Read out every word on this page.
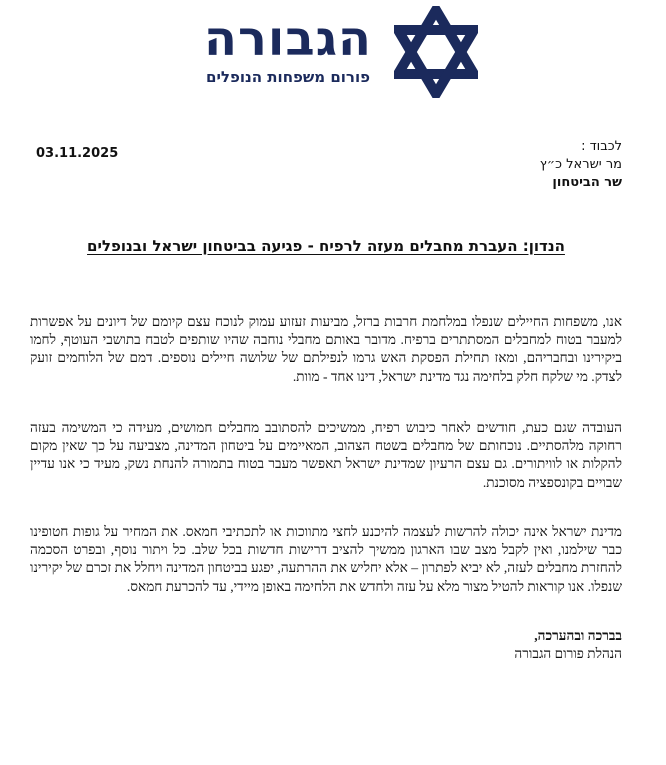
הגבורה
פורום משפחות הנופלים
03.11.2025	לכבוד :
מר ישראל כ״ץ
שר הביטחון
הנדון: העברת מחבלים מעזה לרפיח - פגיעה בביטחון ישראל ובנופלים
אנו, משפחות החיילים שנפלו במלחמת חרבות ברזל, מביעות זעזוע עמוק לנוכח עצם קיומם של דיונים על אפשרות למעבר בטוח למחבלים המסתתרים ברפיח. מדובר באותם מחבלי נוחבה שהיו שותפים לטבח בתושבי העוטף, לחמו ביקירינו ובחבריהם, ומאז תחילת הפסקת האש גרמו לנפילתם של שלושה חיילים נוספים. דמם של הלוחמים זועק לצדק. מי שלקח חלק בלחימה נגד מדינת ישראל, דינו אחד - מוות.
העובדה שגם כעת, חודשים לאחר כיבוש רפיח, ממשיכים להסתובב מחבלים חמושים, מעידה כי המשימה בעזה רחוקה מלהסתיים. נוכחותם של מחבלים בשטח הצהוב, המאיימים על ביטחון המדינה, מצביעה על כך שאין מקום להקלות או לוויתורים. גם עצם הרעיון שמדינת ישראל תאפשר מעבר בטוח בתמורה להנחת נשק, מעיד כי אנו עדיין שבויים בקונספציה מסוכנת.
מדינת ישראל אינה יכולה להרשות לעצמה להיכנע לחצי מתווכות או לתכתיבי חמאס. את המחיר על גופות חטופינו כבר שילמנו, ואין לקבל מצב שבו הארגון ממשיך להציב דרישות חדשות בכל שלב. כל ויתור נוסף, ובפרט הסכמה להחזרת מחבלים לעזה, לא יביא לפתרון – אלא יחליש את ההרתעה, יפגע בביטחון המדינה ויחלל את זכרם של יקירינו שנפלו. אנו קוראות להטיל מצור מלא על עזה ולחדש את הלחימה באופן מיידי, עד להכרעת חמאס.
בברכה ובהערכה,
הנהלת פורום הגבורה
